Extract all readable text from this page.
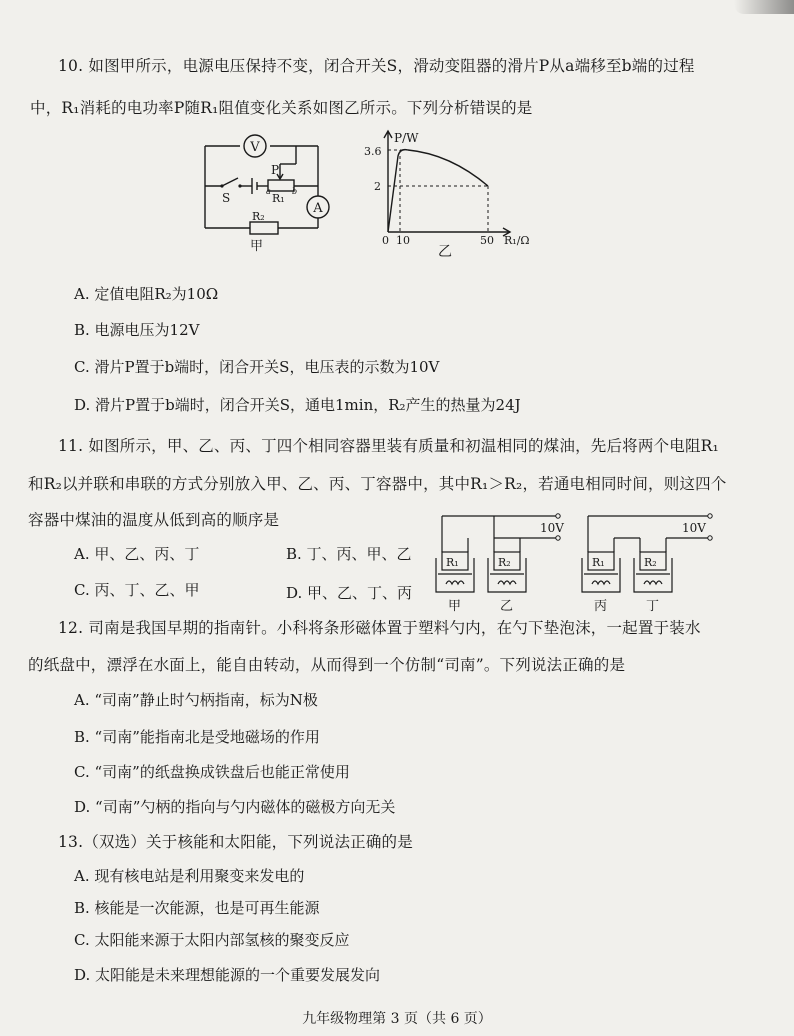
10. 如图甲所示，电源电压保持不变，闭合开关S，滑动变阻器的滑片P从a端移至b端的过程
中，R₁消耗的电功率P随R₁阻值变化关系如图乙所示。下列分析错误的是
V
A
P
R₁
a	b
S
R₂
甲
P/W
3.6
2
0 10	50 R₁/Ω
乙
A. 定值电阻R₂为10Ω
B. 电源电压为12V
C. 滑片P置于b端时，闭合开关S，电压表的示数为10V
D. 滑片P置于b端时，闭合开关S，通电1min，R₂产生的热量为24J
11. 如图所示，甲、乙、丙、丁四个相同容器里装有质量和初温相同的煤油，先后将两个电阻R₁
和R₂以并联和串联的方式分别放入甲、乙、丙、丁容器中，其中R₁＞R₂，若通电相同时间，则这四个
容器中煤油的温度从低到高的顺序是
A. 甲、乙、丙、丁	B. 丁、丙、甲、乙
C. 丙、丁、乙、甲	D. 甲、乙、丁、丙
10V	10V
R₁	R₂	R₁	R₂
甲	乙	丙	丁
12. 司南是我国早期的指南针。小科将条形磁体置于塑料勺内，在勺下垫泡沫，一起置于装水
的纸盘中，漂浮在水面上，能自由转动，从而得到一个仿制“司南”。下列说法正确的是
A. “司南”静止时勺柄指南，标为N极
B. “司南”能指南北是受地磁场的作用
C. “司南”的纸盘换成铁盘后也能正常使用
D. “司南”勺柄的指向与勺内磁体的磁极方向无关
13.（双选）关于核能和太阳能，下列说法正确的是
A. 现有核电站是利用聚变来发电的
B. 核能是一次能源，也是可再生能源
C. 太阳能来源于太阳内部氢核的聚变反应
D. 太阳能是未来理想能源的一个重要发展发向
九年级物理第 3 页（共 6 页）
